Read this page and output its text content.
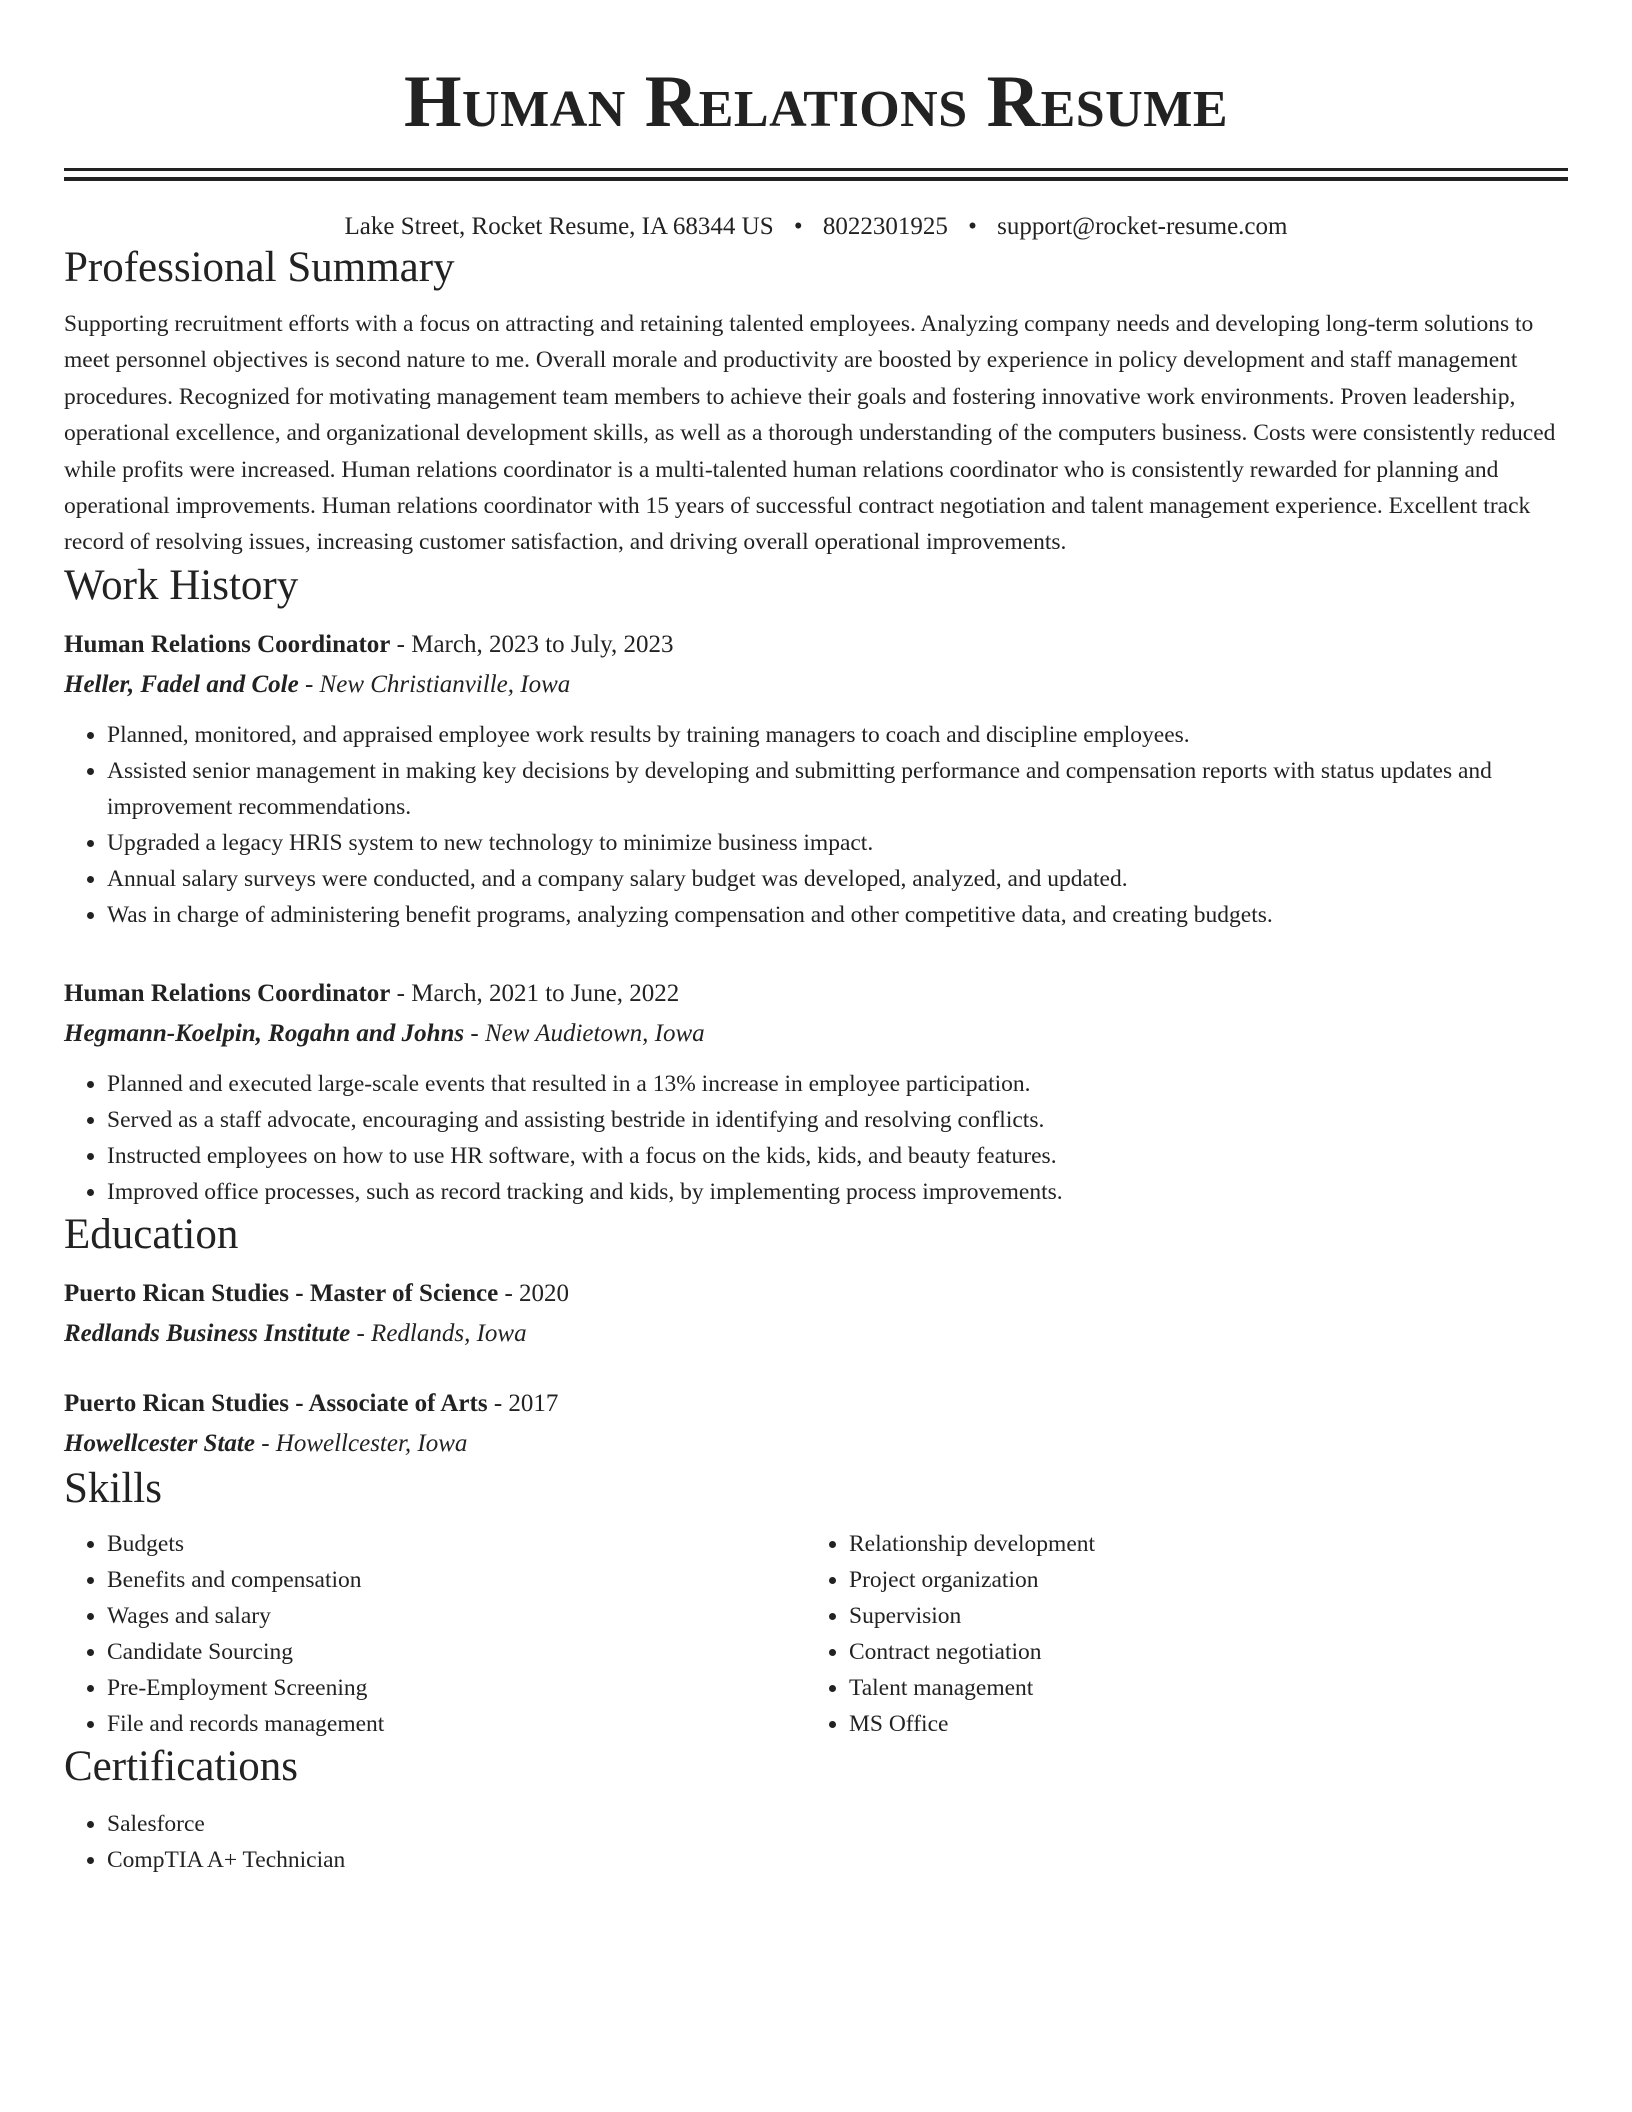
Human Relations Resume
Lake Street, Rocket Resume, IA 68344 US • 8022301925 • support@rocket-resume.com
Professional Summary
Supporting recruitment efforts with a focus on attracting and retaining talented employees. Analyzing company needs and developing long-term solutions to meet personnel objectives is second nature to me. Overall morale and productivity are boosted by experience in policy development and staff management procedures. Recognized for motivating management team members to achieve their goals and fostering innovative work environments. Proven leadership, operational excellence, and organizational development skills, as well as a thorough understanding of the computers business. Costs were consistently reduced while profits were increased. Human relations coordinator is a multi-talented human relations coordinator who is consistently rewarded for planning and operational improvements. Human relations coordinator with 15 years of successful contract negotiation and talent management experience. Excellent track record of resolving issues, increasing customer satisfaction, and driving overall operational improvements.
Work History
Human Relations Coordinator - March, 2023 to July, 2023
Heller, Fadel and Cole - New Christianville, Iowa
• Planned, monitored, and appraised employee work results by training managers to coach and discipline employees.
• Assisted senior management in making key decisions by developing and submitting performance and compensation reports with status updates and improvement recommendations.
• Upgraded a legacy HRIS system to new technology to minimize business impact.
• Annual salary surveys were conducted, and a company salary budget was developed, analyzed, and updated.
• Was in charge of administering benefit programs, analyzing compensation and other competitive data, and creating budgets.
Human Relations Coordinator - March, 2021 to June, 2022
Hegmann-Koelpin, Rogahn and Johns - New Audietown, Iowa
• Planned and executed large-scale events that resulted in a 13% increase in employee participation.
• Served as a staff advocate, encouraging and assisting bestride in identifying and resolving conflicts.
• Instructed employees on how to use HR software, with a focus on the kids, kids, and beauty features.
• Improved office processes, such as record tracking and kids, by implementing process improvements.
Education
Puerto Rican Studies - Master of Science - 2020
Redlands Business Institute - Redlands, Iowa
Puerto Rican Studies - Associate of Arts - 2017
Howellcester State - Howellcester, Iowa
Skills
• Budgets
• Benefits and compensation
• Wages and salary
• Candidate Sourcing
• Pre-Employment Screening
• File and records management
• Relationship development
• Project organization
• Supervision
• Contract negotiation
• Talent management
• MS Office
Certifications
• Salesforce
• CompTIA A+ Technician
